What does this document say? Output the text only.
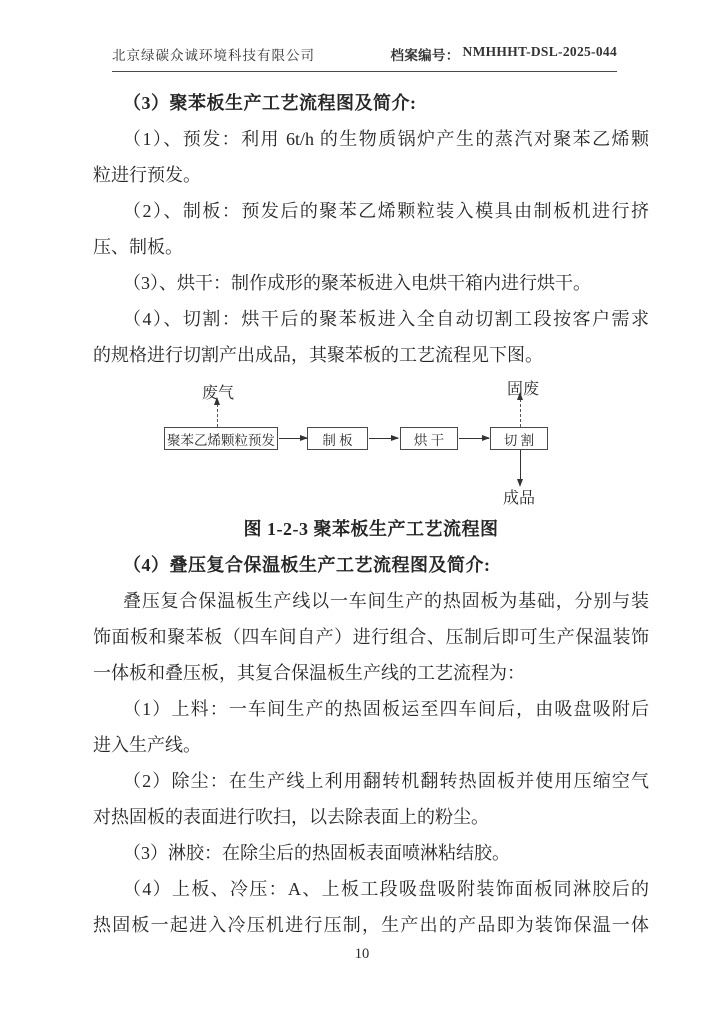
北京绿碳众诚环境科技有限公司	档案编号： NMHHHT-DSL-2025-044
（3）聚苯板生产工艺流程图及简介:
（1）、预发：利用 6t/h 的生物质锅炉产生的蒸汽对聚苯乙烯颗
粒进行预发。
（2）、制板：预发后的聚苯乙烯颗粒装入模具由制板机进行挤
压、制板。
（3）、烘干：制作成形的聚苯板进入电烘干箱内进行烘干。
（4）、切割：烘干后的聚苯板进入全自动切割工段按客户需求
的规格进行切割产出成品，其聚苯板的工艺流程见下图。
废气	固废
成品
聚苯乙烯颗粒预发	制 板	烘 干	切 割
图 1-2-3 聚苯板生产工艺流程图
（4）叠压复合保温板生产工艺流程图及简介:
叠压复合保温板生产线以一车间生产的热固板为基础，分别与装
饰面板和聚苯板（四车间自产）进行组合、压制后即可生产保温装饰
一体板和叠压板，其复合保温板生产线的工艺流程为：
（1）上料：一车间生产的热固板运至四车间后，由吸盘吸附后
进入生产线。
（2）除尘：在生产线上利用翻转机翻转热固板并使用压缩空气
对热固板的表面进行吹扫，以去除表面上的粉尘。
（3）淋胶：在除尘后的热固板表面喷淋粘结胶。
（4）上板、冷压：A、上板工段吸盘吸附装饰面板同淋胶后的
热固板一起进入冷压机进行压制，生产出的产品即为装饰保温一体
10
